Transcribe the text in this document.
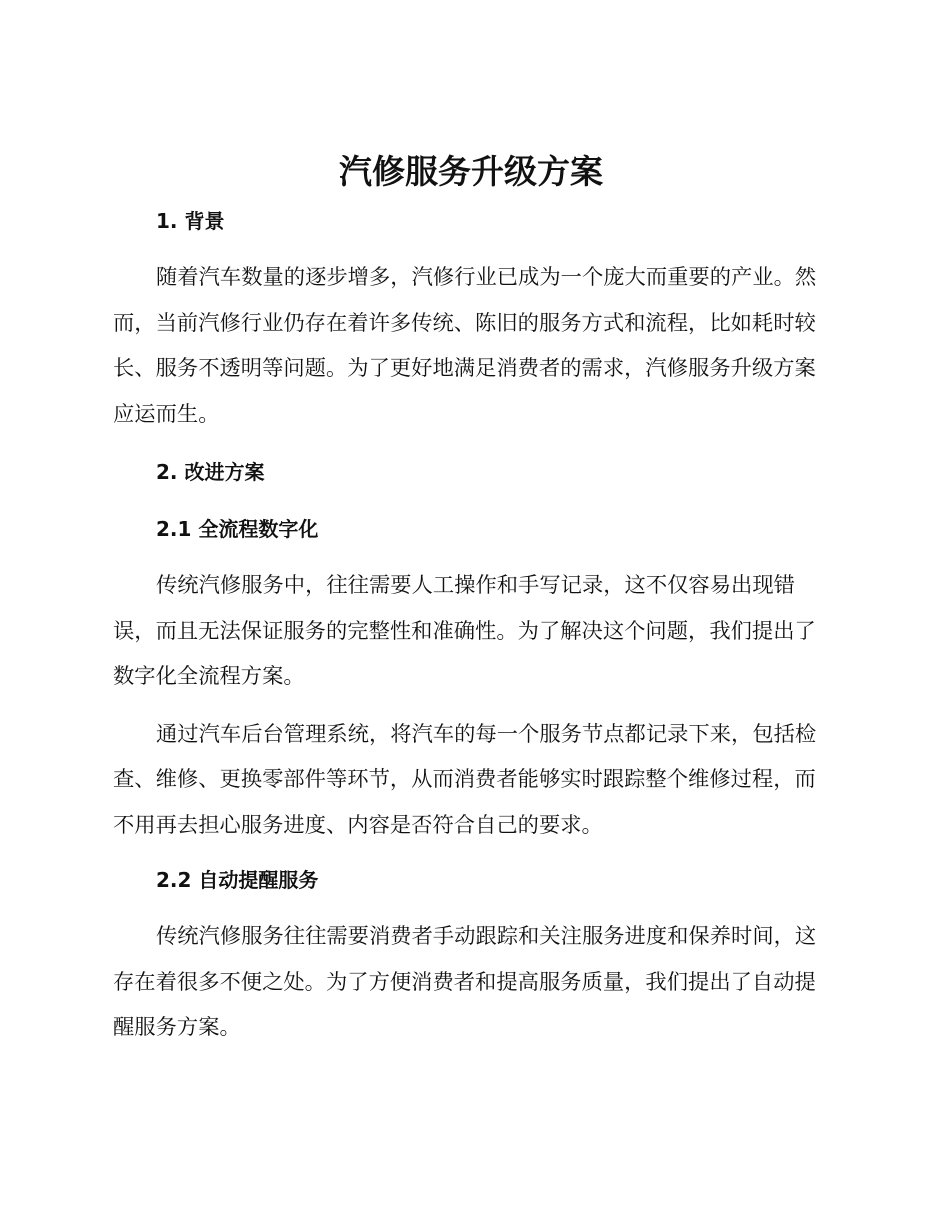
汽修服务升级方案
1. 背景
随着汽车数量的逐步增多，汽修行业已成为一个庞大而重要的产业。然
而，当前汽修行业仍存在着许多传统、陈旧的服务方式和流程，比如耗时较
长、服务不透明等问题。为了更好地满足消费者的需求，汽修服务升级方案
应运而生。
2. 改进方案
2.1 全流程数字化
传统汽修服务中，往往需要人工操作和手写记录，这不仅容易出现错
误，而且无法保证服务的完整性和准确性。为了解决这个问题，我们提出了
数字化全流程方案。
通过汽车后台管理系统，将汽车的每一个服务节点都记录下来，包括检
查、维修、更换零部件等环节，从而消费者能够实时跟踪整个维修过程，而
不用再去担心服务进度、内容是否符合自己的要求。
2.2 自动提醒服务
传统汽修服务往往需要消费者手动跟踪和关注服务进度和保养时间，这
存在着很多不便之处。为了方便消费者和提高服务质量，我们提出了自动提
醒服务方案。
